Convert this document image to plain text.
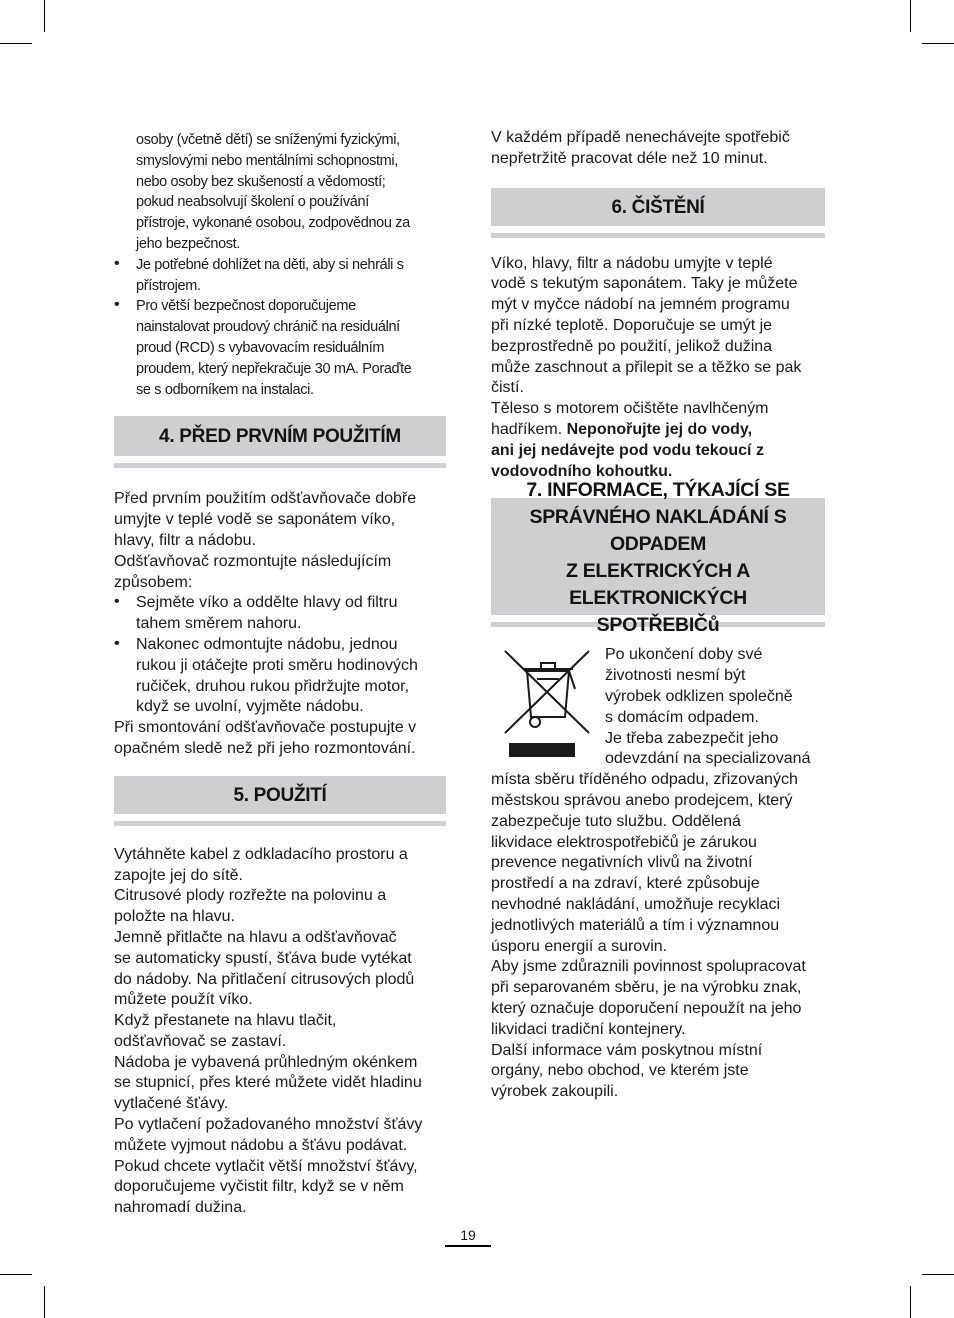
osoby (včetně dětí) se sníženými fyzickými,

smyslovými nebo mentálními schopnostmi,

nebo osoby bez skušeností a vědomostí;

pokud neabsolvují školení o používání

přístroje, vykonané osobou, zodpovědnou za

jeho bezpečnost.

• Je potřebné dohlížet na děti, aby si nehráli s

přístrojem.

• Pro větší bezpečnost doporučujeme

nainstalovat proudový chránič na residuální

proud (RCD) s vybavovacím residuálním

proudem, který nepřekračuje 30 mA. Poraďte

se s odborníkem na instalaci.

4. PŘED PRVNÍM POUŽITÍM

Před prvním použitím odšťavňovače dobře

umyjte v teplé vodě se saponátem víko,

hlavy, filtr a nádobu.

Odšťavňovač rozmontujte následujícím

způsobem:

• Sejměte víko a oddělte hlavy od filtru

tahem směrem nahoru.

• Nakonec odmontujte nádobu, jednou

rukou ji otáčejte proti směru hodinových

ručiček, druhou rukou přidržujte motor,

když se uvolní, vyjměte nádobu.

Při smontování odšťavňovače postupujte v

opačném sledě než při jeho rozmontování.

5. POUŽITÍ

Vytáhněte kabel z odkladacího prostoru a

zapojte jej do sítě.

Citrusové plody rozřežte na polovinu a

položte na hlavu.

Jemně přitlačte na hlavu a odšťavňovač

se automaticky spustí, šťáva bude vytékat

do nádoby. Na přitlačení citrusových plodů

můžete použít víko.

Když přestanete na hlavu tlačit,

odšťavňovač se zastaví.

Nádoba je vybavená průhledným okénkem

se stupnicí, přes které můžete vidět hladinu

vytlačené šťávy.

Po vytlačení požadovaného množství šťávy

můžete vyjmout nádobu a šťávu podávat.

Pokud chcete vytlačit větší množství šťávy,

doporučujeme vyčistit filtr, když se v něm

nahromadí dužina.

V každém případě nenechávejte spotřebič

nepřetržitě pracovat déle než 10 minut.

6. ČIŠTĚNÍ

Víko, hlavy, filtr a nádobu umyjte v teplé

vodě s tekutým saponátem. Taky je můžete

mýt v myčce nádobí na jemném programu

při nízké teplotě. Doporučuje se umýt je

bezprostředně po použití, jelikož dužina

může zaschnout a přilepit se a těžko se pak

čistí.

Těleso s motorem očištěte navlhčeným

hadříkem. Neponořujte jej do vody,

ani jej nedávejte pod vodu tekoucí z

vodovodního kohoutku.

7. INFORMACE, TÝKAJÍCÍ SE
SPRÁVNÉHO NAKLÁDÁNÍ S ODPADEM
Z ELEKTRICKÝCH A ELEKTRONICKÝCH
SPOTŘEBIČů

Po ukončení doby své

životnosti nesmí být

výrobek odklizen společně

s domácím odpadem.

Je třeba zabezpečit jeho

odevzdání na specializovaná

místa sběru tříděného odpadu, zřizovaných

městskou správou anebo prodejcem, který

zabezpečuje tuto službu. Oddělená

likvidace elektrospotřebičů je zárukou

prevence negativních vlivů na životní

prostředí a na zdraví, které způsobuje

nevhodné nakládání, umožňuje recyklaci

jednotlivých materiálů a tím i významnou

úsporu energií a surovin.

Aby jsme zdůraznili povinnost spolupracovat

při separovaném sběru, je na výrobku znak,

který označuje doporučení nepoužít na jeho

likvidaci tradiční kontejnery.

Další informace vám poskytnou místní

orgány, nebo obchod, ve kterém jste

výrobek zakoupili.

19
